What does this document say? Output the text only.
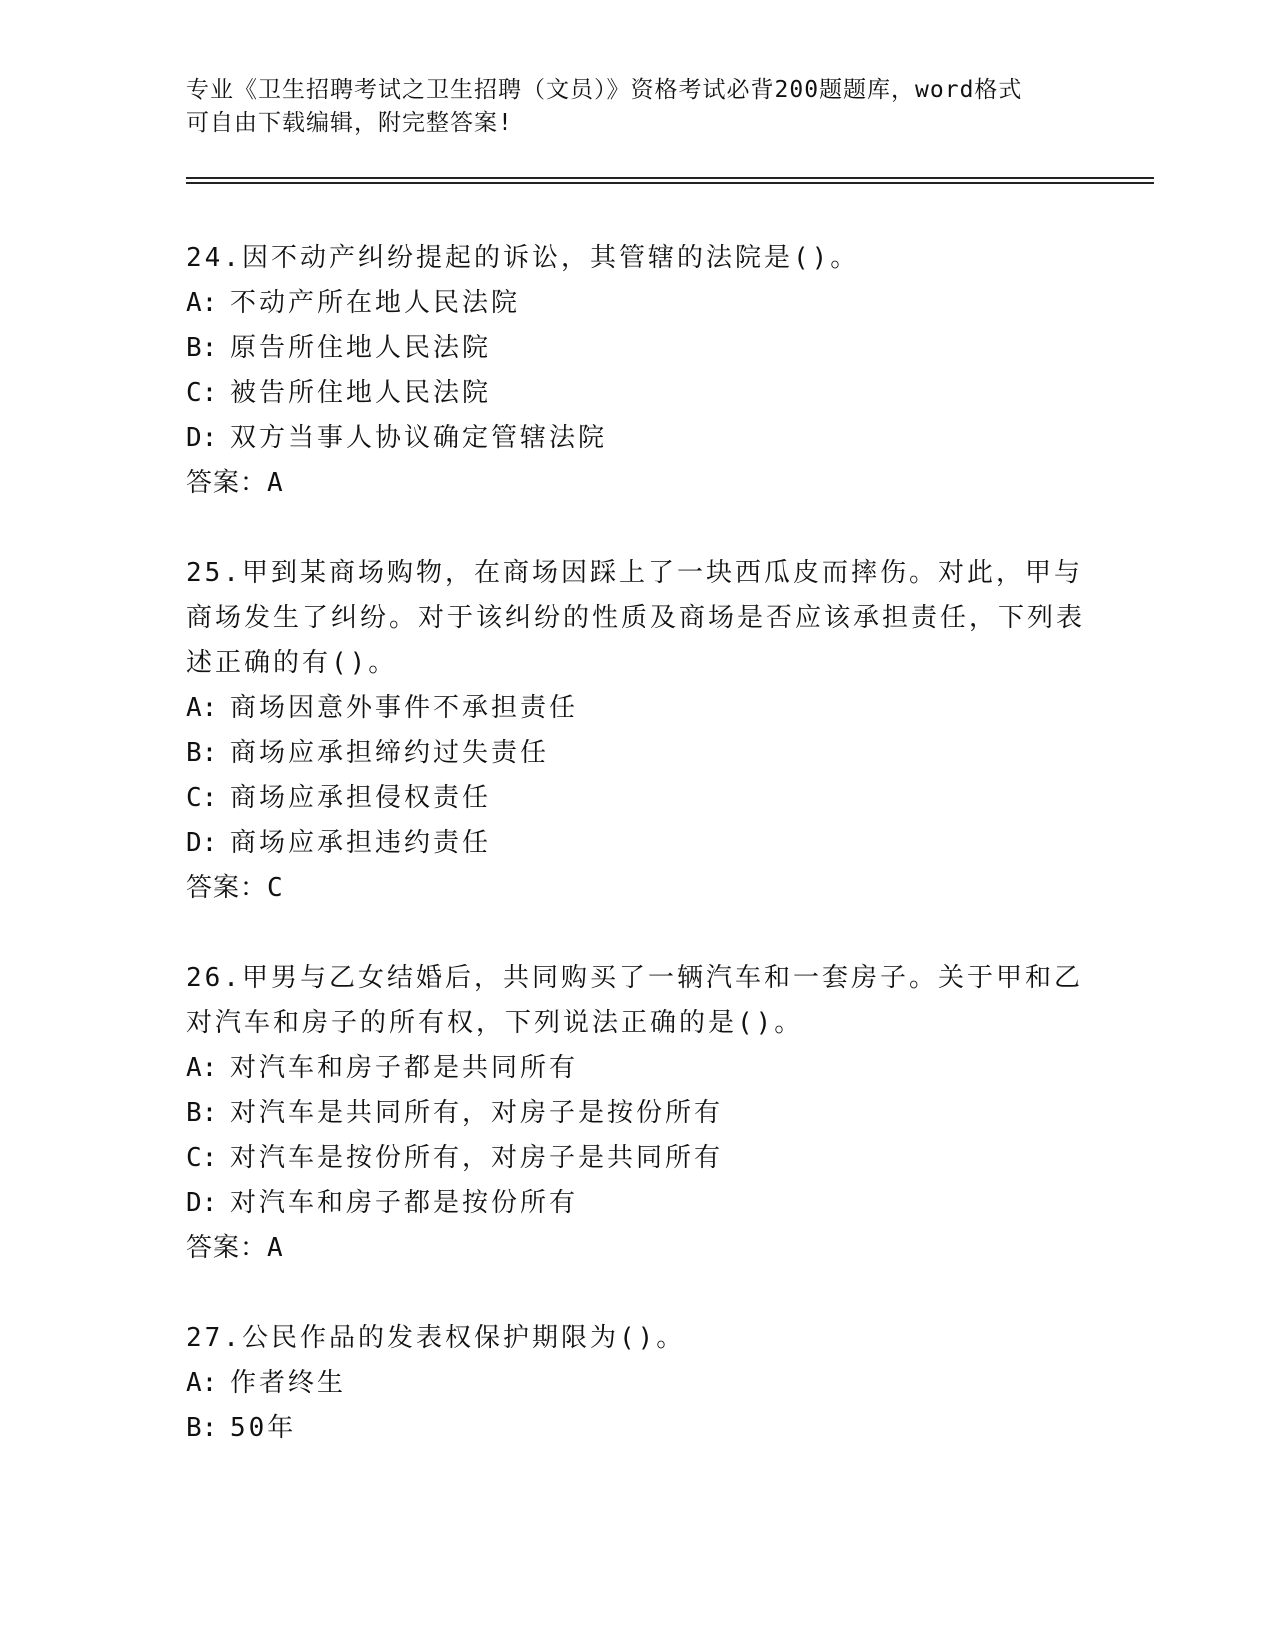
专业《卫生招聘考试之卫生招聘（文员）》资格考试必背200题题库，word格式
可自由下载编辑，附完整答案!
24.因不动产纠纷提起的诉讼，其管辖的法院是()。
A: 不动产所在地人民法院
B: 原告所住地人民法院
C: 被告所住地人民法院
D: 双方当事人协议确定管辖法院
答案：A
25.甲到某商场购物，在商场因踩上了一块西瓜皮而摔伤。对此，甲与商场发生了纠纷。对于该纠纷的性质及商场是否应该承担责任，下列表述正确的有()。
A: 商场因意外事件不承担责任
B: 商场应承担缔约过失责任
C: 商场应承担侵权责任
D: 商场应承担违约责任
答案：C
26.甲男与乙女结婚后，共同购买了一辆汽车和一套房子。关于甲和乙对汽车和房子的所有权，下列说法正确的是()。
A: 对汽车和房子都是共同所有
B: 对汽车是共同所有，对房子是按份所有
C: 对汽车是按份所有，对房子是共同所有
D: 对汽车和房子都是按份所有
答案：A
27.公民作品的发表权保护期限为()。
A: 作者终生
B: 50年
